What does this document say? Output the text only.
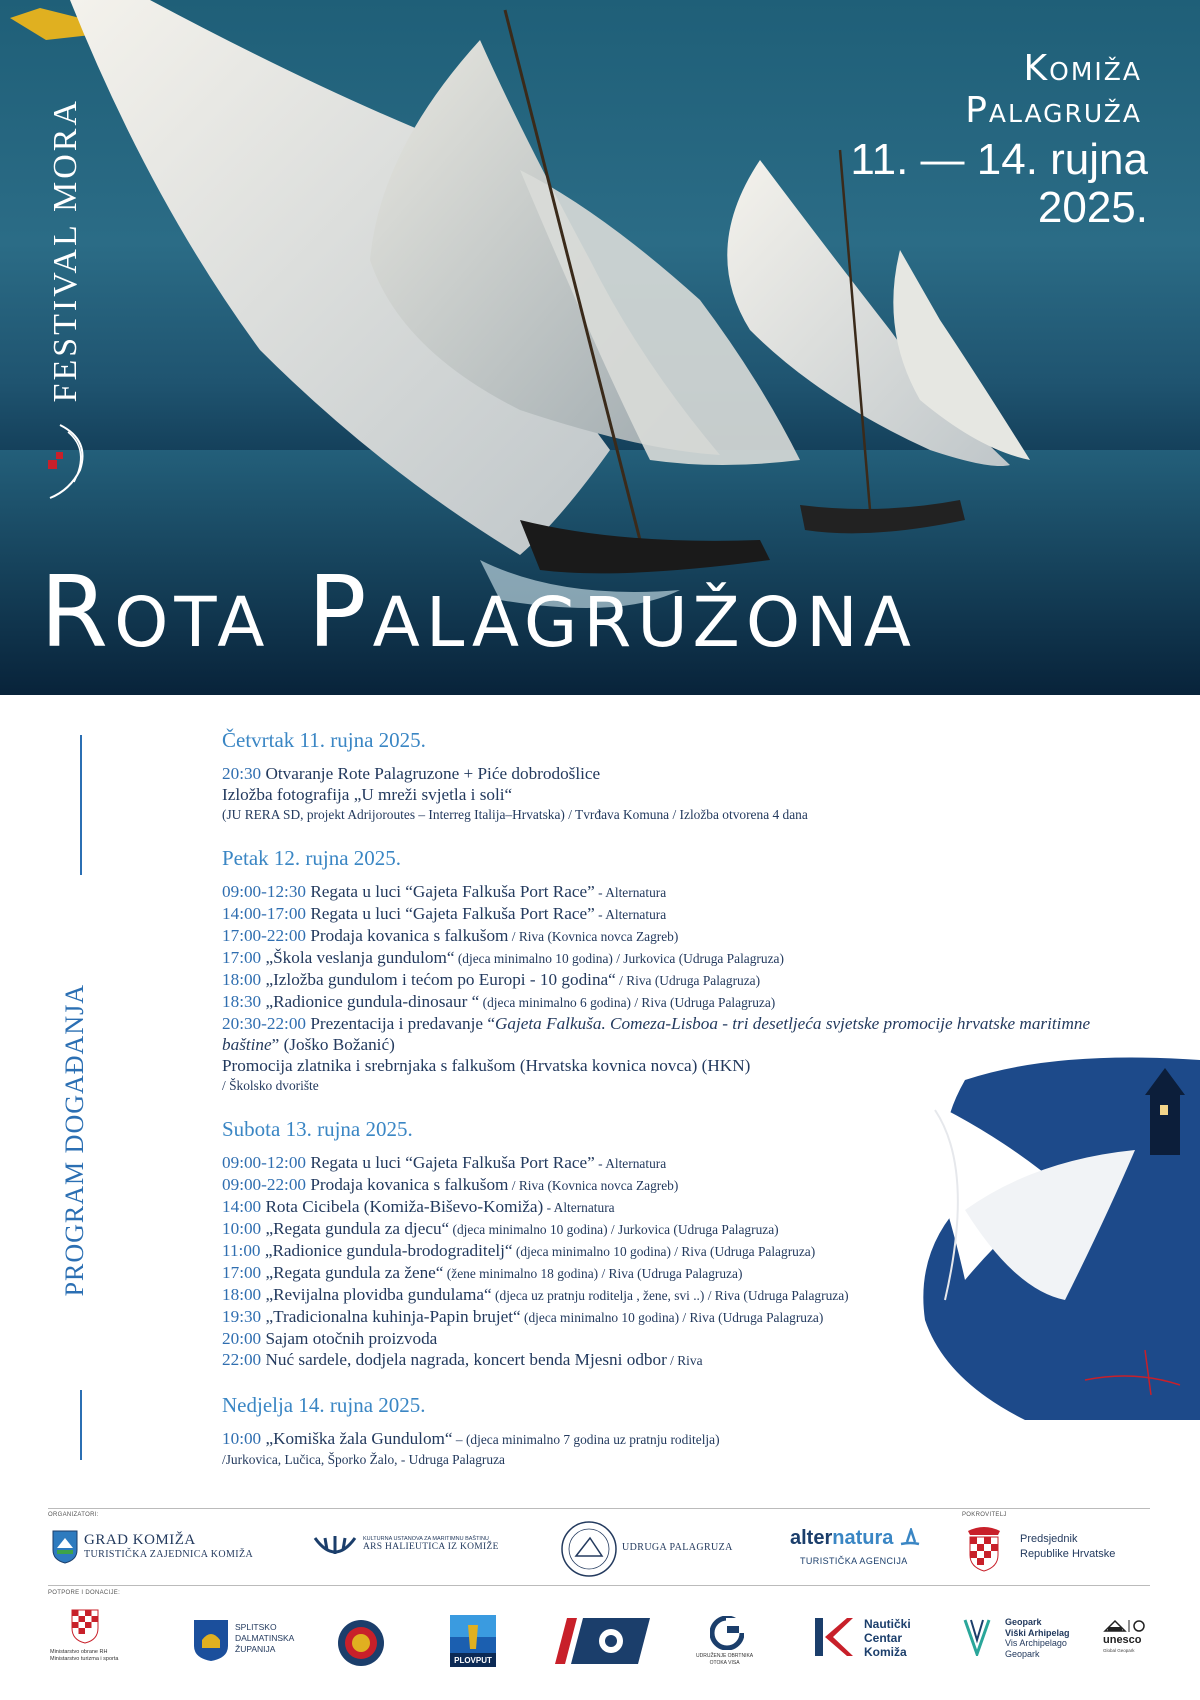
FESTIVAL MORA
Komiža
Palagruža
11. — 14. rujna
2025.
Rota Palagružona
PROGRAM DOGAĐANJA
Četvrtak 11. rujna 2025.
20:30 Otvaranje Rote Palagruzone + Piće dobrodošlice
Izložba fotografija „U mreži svjetla i soli“
(JU RERA SD, projekt Adrijoroutes – Interreg Italija–Hrvatska) / Tvrđava Komuna / Izložba otvorena 4 dana
Petak 12. rujna 2025.
09:00-12:30 Regata u luci “Gajeta Falkuša Port Race” - Alternatura
14:00-17:00 Regata u luci “Gajeta Falkuša Port Race” - Alternatura
17:00-22:00 Prodaja kovanica s falkušom / Riva (Kovnica novca Zagreb)
17:00 „Škola veslanja gundulom“ (djeca minimalno 10 godina) / Jurkovica (Udruga Palagruza)
18:00 „Izložba gundulom i tećom po Europi - 10 godina“ / Riva (Udruga Palagruza)
18:30 „Radionice gundula-dinosaur “ (djeca minimalno 6 godina) / Riva (Udruga Palagruza)
20:30-22:00 Prezentacija i predavanje “Gajeta Falkuša. Comeza-Lisboa - tri desetljeća svjetske promocije hrvatske maritimne baštine” (Joško Božanić)
Promocija zlatnika i srebrnjaka s falkušom (Hrvatska kovnica novca) (HKN)
/ Školsko dvorište
Subota 13. rujna 2025.
09:00-12:00 Regata u luci “Gajeta Falkuša Port Race” - Alternatura
09:00-22:00 Prodaja kovanica s falkušom / Riva (Kovnica novca Zagreb)
14:00 Rota Cicibela (Komiža-Biševo-Komiža) - Alternatura
10:00 „Regata gundula za djecu“ (djeca minimalno 10 godina) / Jurkovica (Udruga Palagruza)
11:00 „Radionice gundula-brodograditelj“ (djeca minimalno 10 godina) / Riva (Udruga Palagruza)
17:00 „Regata gundula za žene“ (žene minimalno 18 godina) / Riva (Udruga Palagruza)
18:00 „Revijalna plovidba gundulama“ (djeca uz pratnju roditelja , žene, svi ..) / Riva (Udruga Palagruza)
19:30 „Tradicionalna kuhinja-Papin brujet“ (djeca minimalno 10 godina) / Riva (Udruga Palagruza)
20:00 Sajam otočnih proizvoda
22:00 Nuć sardele, dodjela nagrada, koncert benda Mjesni odbor / Riva
Nedjelja 14. rujna 2025.
10:00 „Komiška žala Gundulom“ – (djeca minimalno 7 godina uz pratnju roditelja)
/Jurkovica, Lučica, Šporko Žalo, - Udruga Palagruza
ORGANIZATORI:	POKROVITELJ
GRAD KOMIŽA
TURISTIČKA ZAJEDNICA KOMIŽA
KULTURNA USTANOVA ZA MARITIMNU BAŠTINU
ARS HALIEUTICA IZ KOMIŽE	UDRUGA PALAGRUZA	alternatura
TURISTIČKA AGENCIJA
Predsjednik
Republike Hrvatske
POTPORE I DONACIJE:
Ministarstvo obrane RH
Ministarstvo turizma i sporta
SPLITSKO
DALMATINSKA
ŽUPANIJA
PLOVPUT	UDRUŽENJE OBRTNIKA
OTOKA VISA
Nautički
Centar
Komiža
Geopark
Viški Arhipelag
Vis Archipelago
Geopark
unesco
Global Geopark
